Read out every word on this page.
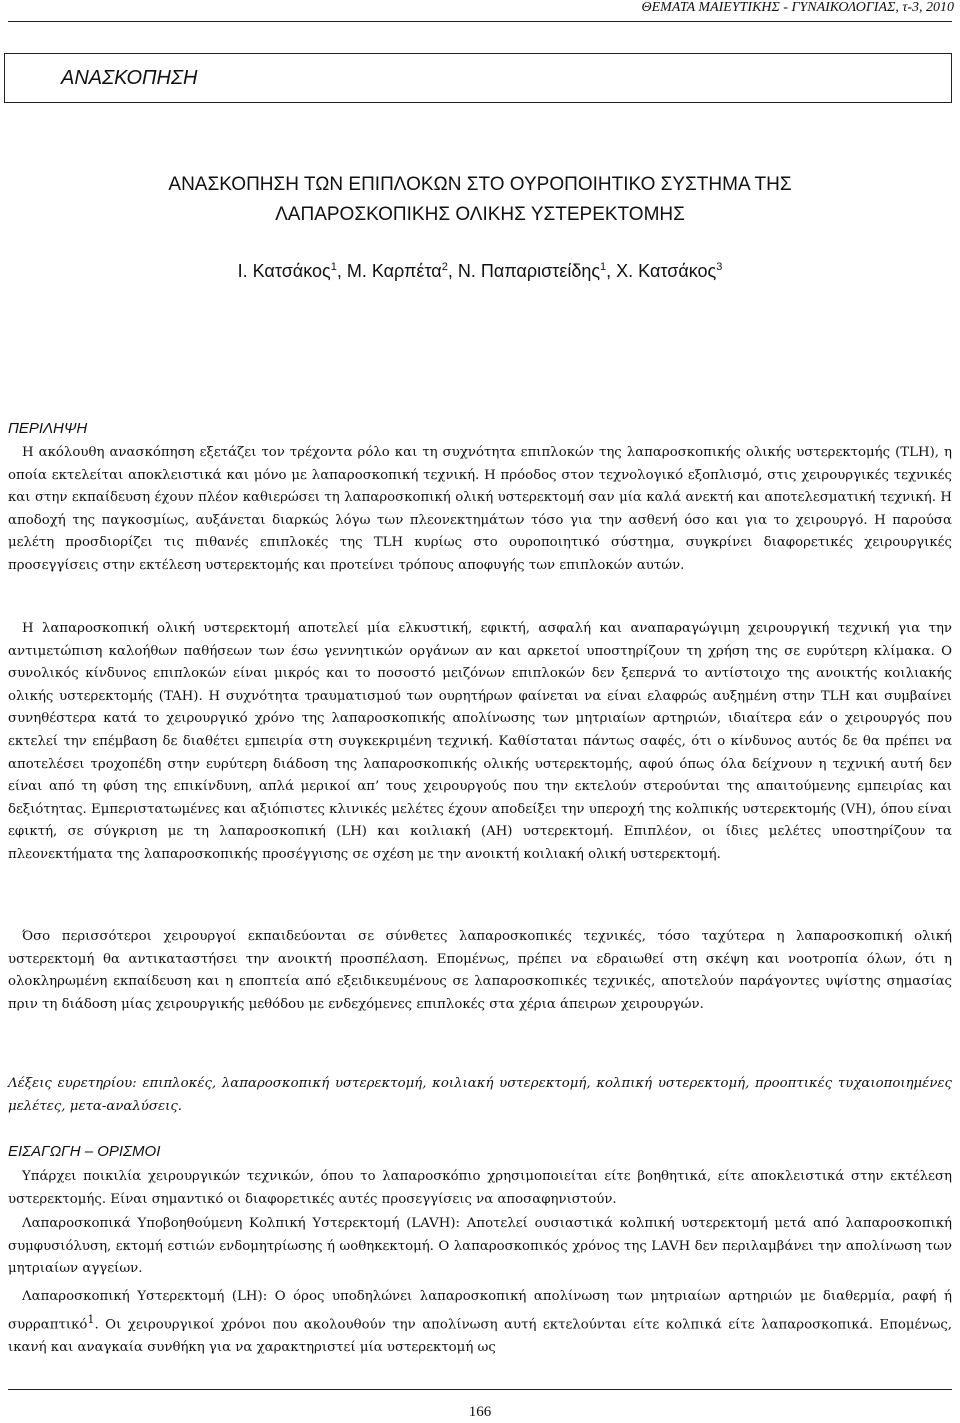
ΘΕΜΑΤΑ ΜΑΙΕΥΤΙΚΗΣ - ΓΥΝΑΙΚΟΛΟΓΙΑΣ, τ-3, 2010
ΑΝΑΣΚΟΠΗΣΗ
ΑΝΑΣΚΟΠΗΣΗ ΤΩΝ ΕΠΙΠΛΟΚΩΝ ΣΤΟ ΟΥΡΟΠΟΙΗΤΙΚΟ ΣΥΣΤΗΜΑ ΤΗΣ
ΛΑΠΑΡΟΣΚΟΠΙΚΗΣ ΟΛΙΚΗΣ ΥΣΤΕΡΕΚΤΟΜΗΣ
Ι. Κατσάκος$^1$, Μ. Καρπέτα$^2$, Ν. Παπαριστείδης$^1$, Χ. Κατσάκος$^3$
ΠΕΡΙΛΗΨΗ

Η ακόλουθη ανασκόπηση εξετάζει τον τρέχοντα ρόλο και τη συχνότητα επιπλοκών της λαπαροσκοπικής ολικής υστερεκτομής (TLH), η οποία εκτελείται αποκλειστικά και μόνο με λαπαροσκοπική τεχνική. Η πρόοδος στον τεχνολογικό εξοπλισμό, στις χειρουργικές τεχνικές και στην εκπαίδευση έχουν πλέον καθιερώσει τη λαπαροσκοπική ολική υστερεκτομή σαν μία καλά ανεκτή και αποτελεσματική τεχνική. Η αποδοχή της παγκοσμίως, αυξάνεται διαρκώς λόγω των πλεονεκτημάτων τόσο για την ασθενή όσο και για το χειρουργό. Η παρούσα μελέτη προσδιορίζει τις πιθανές επιπλοκές της TLH κυρίως στο ουροποιητικό σύστημα, συγκρίνει διαφορετικές χειρουργικές προσεγγίσεις στην εκτέλεση υστερεκτομής και προτείνει τρόπους αποφυγής των επιπλοκών αυτών.

Η λαπαροσκοπική ολική υστερεκτομή αποτελεί μία ελκυστική, εφικτή, ασφαλή και αναπαραγώγιμη χειρουργική τεχνική για την αντιμετώπιση καλοήθων παθήσεων των έσω γεννητικών οργάνων αν και αρκετοί υποστηρίζουν τη χρήση της σε ευρύτερη κλίμακα. Ο συνολικός κίνδυνος επιπλοκών είναι μικρός και το ποσοστό μειζόνων επιπλοκών δεν ξεπερνά το αντίστοιχο της ανοικτής κοιλιακής ολικής υστερεκτομής (TAH). Η συχνότητα τραυματισμού των ουρητήρων φαίνεται να είναι ελαφρώς αυξημένη στην TLH και συμβαίνει συνηθέστερα κατά το χειρουργικό χρόνο της λαπαροσκοπικής απολίνωσης των μητριαίων αρτηριών, ιδιαίτερα εάν ο χειρουργός που εκτελεί την επέμβαση δε διαθέτει εμπειρία στη συγκεκριμένη τεχνική. Καθίσταται πάντως σαφές, ότι ο κίνδυνος αυτός δε θα πρέπει να αποτελέσει τροχοπέδη στην ευρύτερη διάδοση της λαπαροσκοπικής ολικής υστερεκτομής, αφού όπως όλα δείχνουν η τεχνική αυτή δεν είναι από τη φύση της επικίνδυνη, απλά μερικοί απ’ τους χειρουργούς που την εκτελούν στερούνται της απαιτούμενης εμπειρίας και δεξιότητας. Εμπεριστατωμένες και αξιόπιστες κλινικές μελέτες έχουν αποδείξει την υπεροχή της κολπικής υστερεκτομής (VH), όπου είναι εφικτή, σε σύγκριση με τη λαπαροσκοπική (LH) και κοιλιακή (AH) υστερεκτομή. Επιπλέον, οι ίδιες μελέτες υποστηρίζουν τα πλεονεκτήματα της λαπαροσκοπικής προσέγγισης σε σχέση με την ανοικτή κοιλιακή ολική υστερεκτομή.

Όσο περισσότεροι χειρουργοί εκπαιδεύονται σε σύνθετες λαπαροσκοπικές τεχνικές, τόσο ταχύτερα η λαπαροσκοπική ολική υστερεκτομή θα αντικαταστήσει την ανοικτή προσπέλαση. Επομένως, πρέπει να εδραιωθεί στη σκέψη και νοοτροπία όλων, ότι η ολοκληρωμένη εκπαίδευση και η εποπτεία από εξειδικευμένους σε λαπαροσκοπικές τεχνικές, αποτελούν παράγοντες υψίστης σημασίας πριν τη διάδοση μίας χειρουργικής μεθόδου με ενδεχόμενες επιπλοκές στα χέρια άπειρων χειρουργών.

Λέξεις ευρετηρίου: επιπλοκές, λαπαροσκοπική υστερεκτομή, κοιλιακή υστερεκτομή, κολπική υστερεκτομή, προοπτικές τυχαιοποιημένες μελέτες, μετα-αναλύσεις.

ΕΙΣΑΓΩΓΗ – ΟΡΙΣΜΟΙ

Υπάρχει ποικιλία χειρουργικών τεχνικών, όπου το λαπαροσκόπιο χρησιμοποιείται είτε βοηθητικά, είτε αποκλειστικά στην εκτέλεση υστερεκτομής. Είναι σημαντικό οι διαφορετικές αυτές προσεγγίσεις να αποσαφηνιστούν.

Λαπαροσκοπικά Υποβοηθούμενη Κολπική Υστερεκτομή (LAVH): Αποτελεί ουσιαστικά κολπική υστερεκτομή μετά από λαπαροσκοπική συμφυσιόλυση, εκτομή εστιών ενδομητρίωσης ή ωοθηκεκτομή. Ο λαπαροσκοπικός χρόνος της LAVH δεν περιλαμβάνει την απολίνωση των μητριαίων αγγείων.

Λαπαροσκοπική Υστερεκτομή (LH): Ο όρος υποδηλώνει λαπαροσκοπική απολίνωση των μητριαίων αρτηριών με διαθερμία, ραφή ή συρραπτικό$^1$. Οι χειρουργικοί χρόνοι που ακολουθούν την απολίνωση αυτή εκτελούνται είτε κολπικά είτε λαπαροσκοπικά. Επομένως, ικανή και αναγκαία συνθήκη για να χαρακτηριστεί μία υστερεκτομή ως

166
